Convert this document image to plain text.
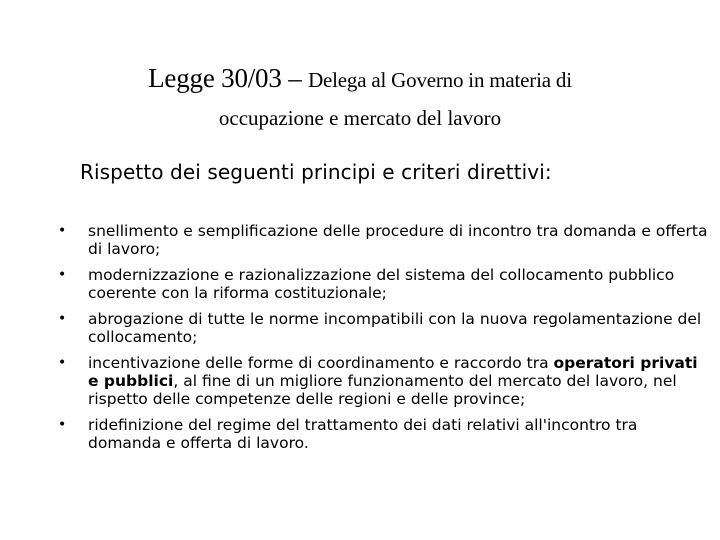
Legge 30/03 – Delega al Governo in materia di
occupazione e mercato del lavoro
Rispetto dei seguenti principi e criteri direttivi:
•	snellimento e semplificazione delle procedure di incontro tra domanda e offerta di lavoro;
•	modernizzazione e razionalizzazione del sistema del collocamento pubblico coerente con la riforma costituzionale;
•	abrogazione di tutte le norme incompatibili con la nuova regolamentazione del collocamento;
•	incentivazione delle forme di coordinamento e raccordo tra operatori privati e pubblici, al fine di un migliore funzionamento del mercato del lavoro, nel rispetto delle competenze delle regioni e delle province;
•	ridefinizione del regime del trattamento dei dati relativi all'incontro tra domanda e offerta di lavoro.
